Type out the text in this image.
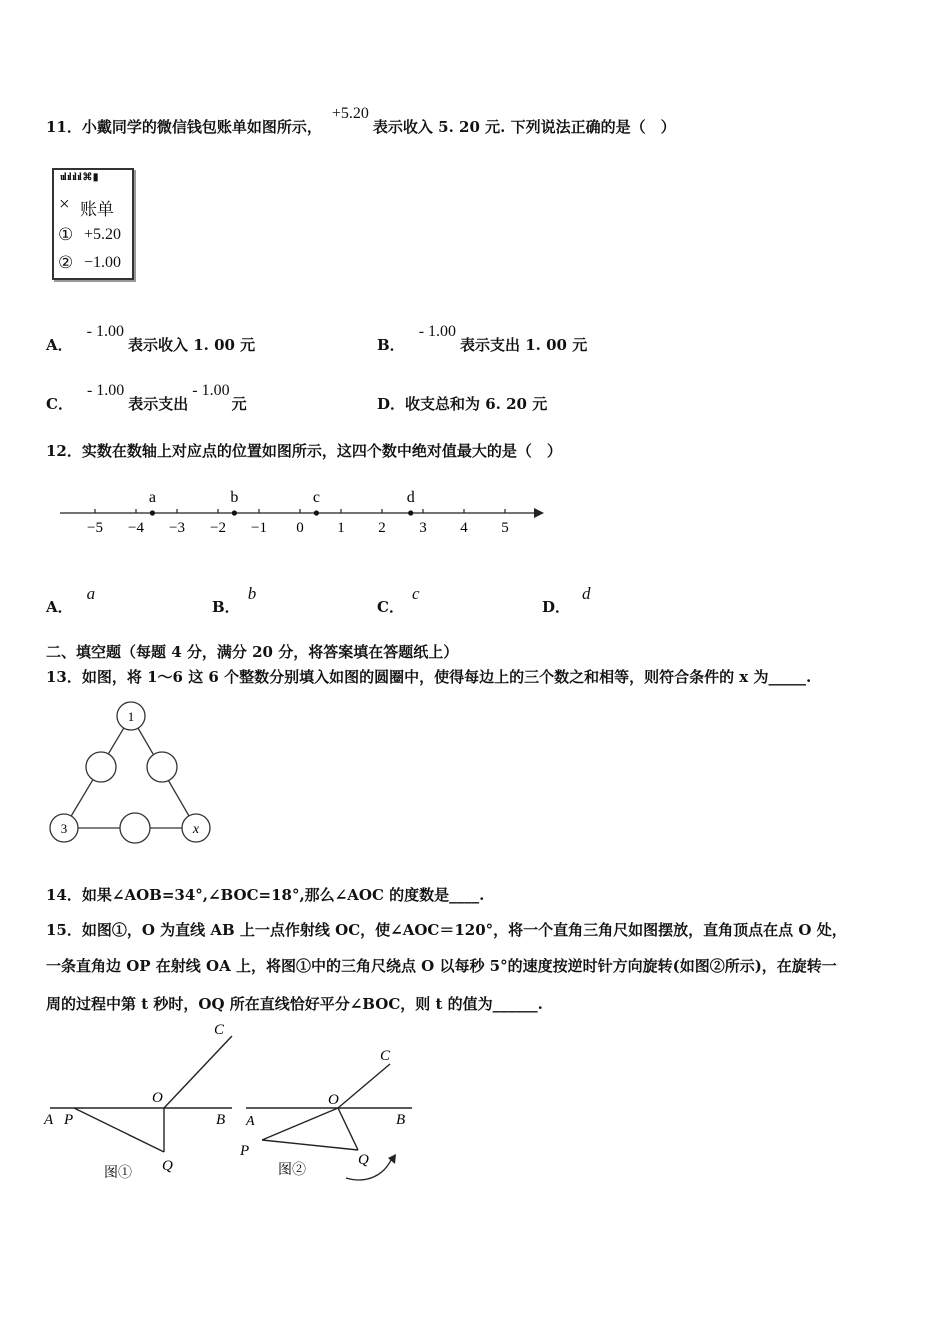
11．小戴同学的微信钱包账单如图所示，+5.20表示收入 5. 20 元. 下列说法正确的是（　）
ιıl ıl ıl ıl ⌘ ▮
× 账单
① +5.20
② −1.00
A．- 1.00表示收入 1. 00 元	B．- 1.00表示支出 1. 00 元
C．- 1.00表示支出- 1.00元	D．收支总和为 6. 20 元
12．实数在数轴上对应点的位置如图所示，这四个数中绝对值最大的是（　）
−5 −4 −3 −2 −1 0 1 2 3 4 5
a	b	c	d
A．a
B．b
C．c
D．d
二、填空题（每题 4 分，满分 20 分，将答案填在答题纸上）
13．如图，将 1～6 这 6 个整数分别填入如图的圆圈中，使得每边上的三个数之和相等，则符合条件的 x 为_____.
1
3	x
14．如果∠AOB=34°,∠BOC=18°,那么∠AOC 的度数是____.
15．如图①，O 为直线 AB 上一点作射线 OC，使∠AOC＝120°，将一个直角三角尺如图摆放，直角顶点在点 O 处，
一条直角边 OP 在射线 OA 上，将图①中的三角尺绕点 O 以每秒 5°的速度按逆时针方向旋转(如图②所示)，在旋转一
周的过程中第 t 秒时，OQ 所在直线恰好平分∠BOC，则 t 的值为______.
A P
O
B
C
Q
图①
A
P
O
B
C
Q
图②
